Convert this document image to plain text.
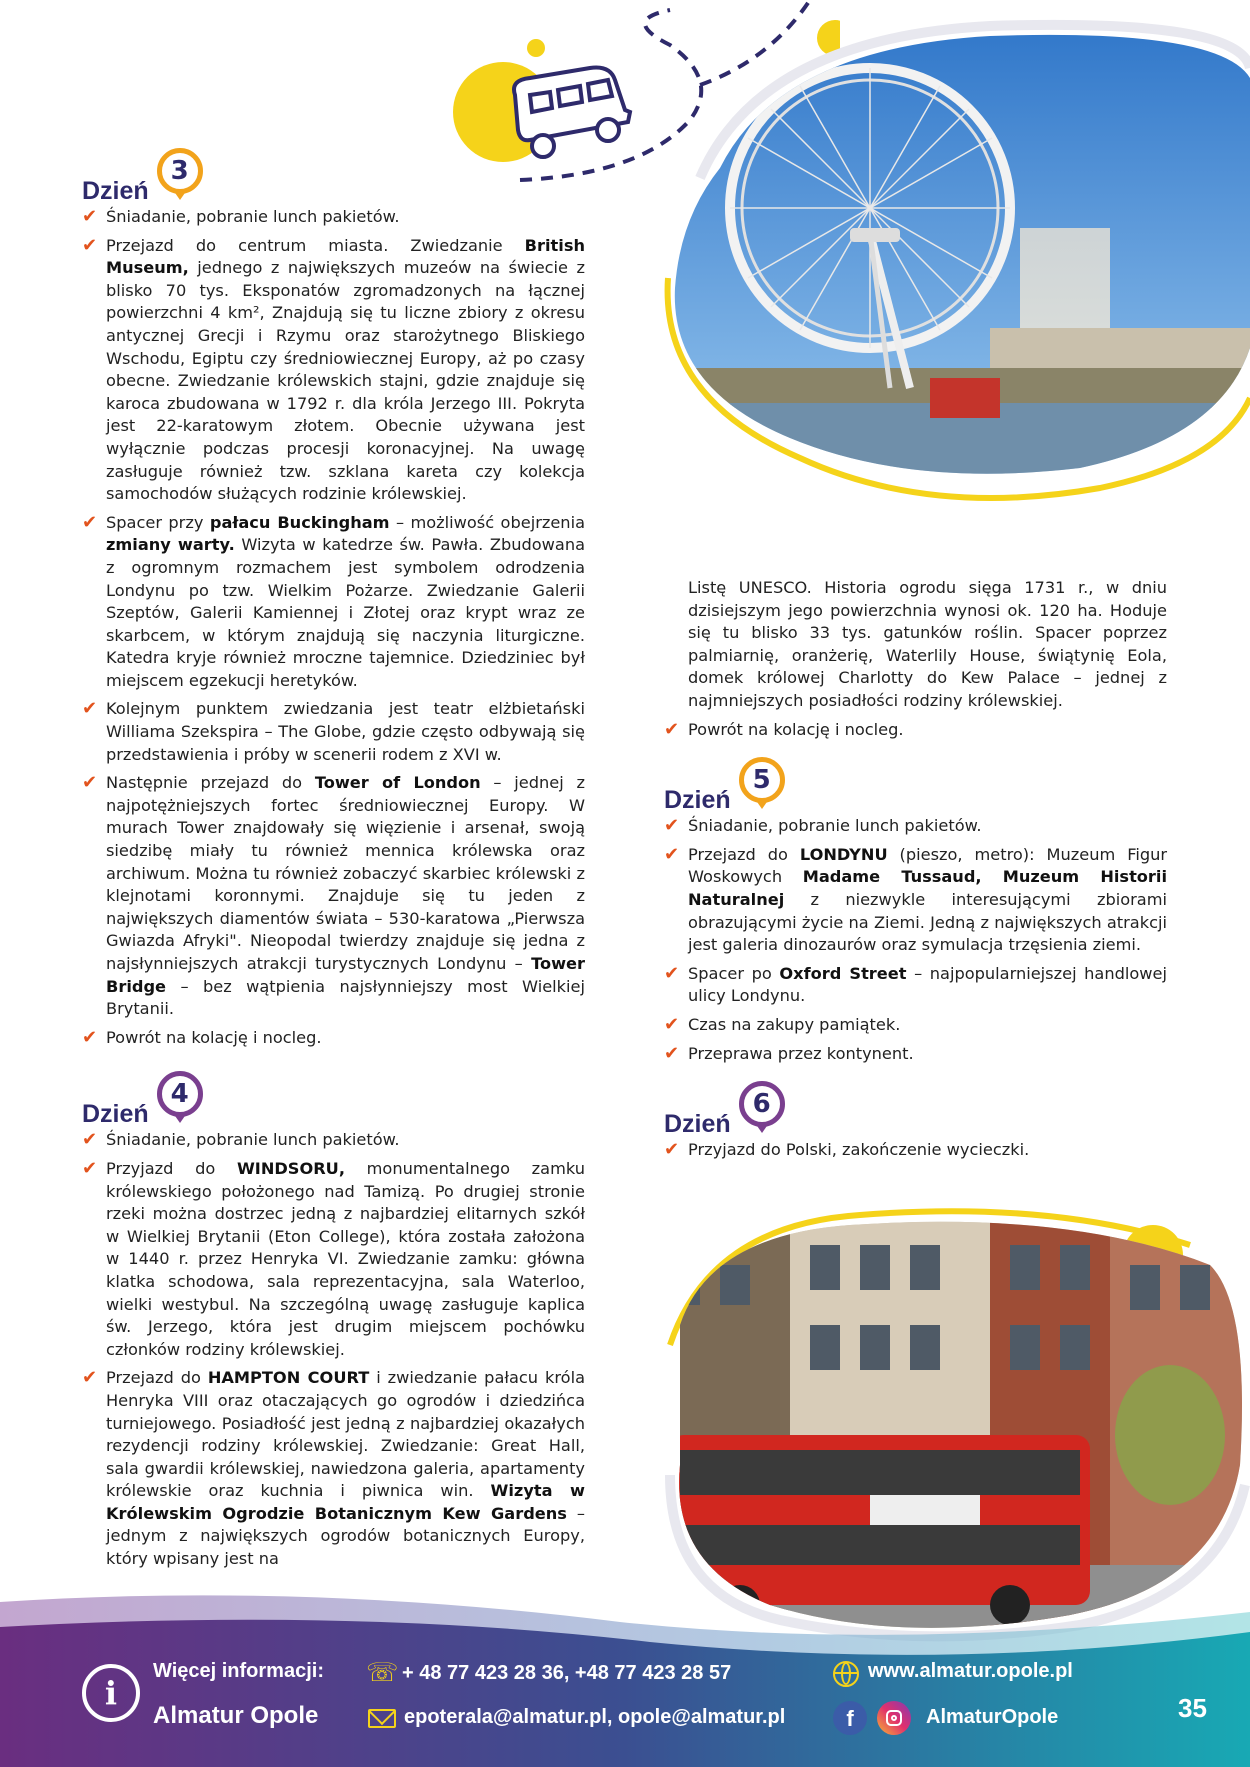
Dzień
3
✔ Śniadanie, pobranie lunch pakietów.
✔ Przejazd do centrum miasta. Zwiedzanie British Museum, jednego z największych muzeów na świecie z blisko 70 tys. Eksponatów zgromadzonych na łącznej powierzchni 4 km², Znajdują się tu liczne zbiory z okresu antycznej Grecji i Rzymu oraz starożytnego Bliskiego Wschodu, Egiptu czy średniowiecznej Europy, aż po czasy obecne. Zwiedzanie królewskich stajni, gdzie znajduje się karoca zbudowana w 1792 r. dla króla Jerzego III. Pokryta jest 22-karatowym złotem. Obecnie używana jest wyłącznie podczas procesji koronacyjnej. Na uwagę zasługuje również tzw. szklana kareta czy kolekcja samochodów służących rodzinie królewskiej.
✔ Spacer przy pałacu Buckingham – możliwość obejrzenia zmiany warty. Wizyta w katedrze św. Pawła. Zbudowana z ogromnym rozmachem jest symbolem odrodzenia Londynu po tzw. Wielkim Pożarze. Zwiedzanie Galerii Szeptów, Galerii Kamiennej i Złotej oraz krypt wraz ze skarbcem, w którym znajdują się naczynia liturgiczne. Katedra kryje również mroczne tajemnice. Dziedziniec był miejscem egzekucji heretyków.
✔ Kolejnym punktem zwiedzania jest teatr elżbietański Williama Szekspira – The Globe, gdzie często odbywają się przedstawienia i próby w scenerii rodem z XVI w.
✔ Następnie przejazd do Tower of London – jednej z najpotężniejszych fortec średniowiecznej Europy. W murach Tower znajdowały się więzienie i arsenał, swoją siedzibę miały tu również mennica królewska oraz archiwum. Można tu również zobaczyć skarbiec królewski z klejnotami koronnymi. Znajduje się tu jeden z największych diamentów świata – 530-karatowa „Pierwsza Gwiazda Afryki". Nieopodal twierdzy znajduje się jedna z najsłynniejszych atrakcji turystycznych Londynu – Tower Bridge – bez wątpienia najsłynniejszy most Wielkiej Brytanii.
✔ Powrót na kolację i nocleg.
Dzień
4
✔ Śniadanie, pobranie lunch pakietów.
✔ Przyjazd do WINDSORU, monumentalnego zamku królewskiego położonego nad Tamizą. Po drugiej stronie rzeki można dostrzec jedną z najbardziej elitarnych szkół w Wielkiej Brytanii (Eton College), która została założona w 1440 r. przez Henryka VI. Zwiedzanie zamku: główna klatka schodowa, sala reprezentacyjna, sala Waterloo, wielki westybul. Na szczególną uwagę zasługuje kaplica św. Jerzego, która jest drugim miejscem pochówku członków rodziny królewskiej.
✔ Przejazd do HAMPTON COURT i zwiedzanie pałacu króla Henryka VIII oraz otaczających go ogrodów i dziedzińca turniejowego. Posiadłość jest jedną z najbardziej okazałych rezydencji rodziny królewskiej. Zwiedzanie: Great Hall, sala gwardii królewskiej, nawiedzona galeria, apartamenty królewskie oraz kuchnia i piwnica win. Wizyta w Królewskim Ogrodzie Botanicznym Kew Gardens – jednym z największych ogrodów botanicznych Europy, który wpisany jest na
Listę UNESCO. Historia ogrodu sięga 1731 r., w dniu dzisiejszym jego powierzchnia wynosi ok. 120 ha. Hoduje się tu blisko 33 tys. gatunków roślin. Spacer poprzez palmiarnię, oranżerię, Waterlily House, świątynię Eola, domek królowej Charlotty do Kew Palace – jednej z najmniejszych posiadłości rodziny królewskiej.
✔ Powrót na kolację i nocleg.
Dzień
5
✔ Śniadanie, pobranie lunch pakietów.
✔ Przejazd do LONDYNU (pieszo, metro): Muzeum Figur Woskowych Madame Tussaud, Muzeum Historii Naturalnej z niezwykle interesującymi zbiorami obrazującymi życie na Ziemi. Jedną z największych atrakcji jest galeria dinozaurów oraz symulacja trzęsienia ziemi.
✔ Spacer po Oxford Street – najpopularniejszej handlowej ulicy Londynu.
✔ Czas na zakupy pamiątek.
✔ Przeprawa przez kontynent.
Dzień
6
✔ Przyjazd do Polski, zakończenie wycieczki.
i
Więcej informacji:
Almatur Opole
☏ + 48 77 423 28 36, +48 77 423 28 57
epoterala@almatur.pl, opole@almatur.pl
www.almatur.opole.pl
f	AlmaturOpole	35
